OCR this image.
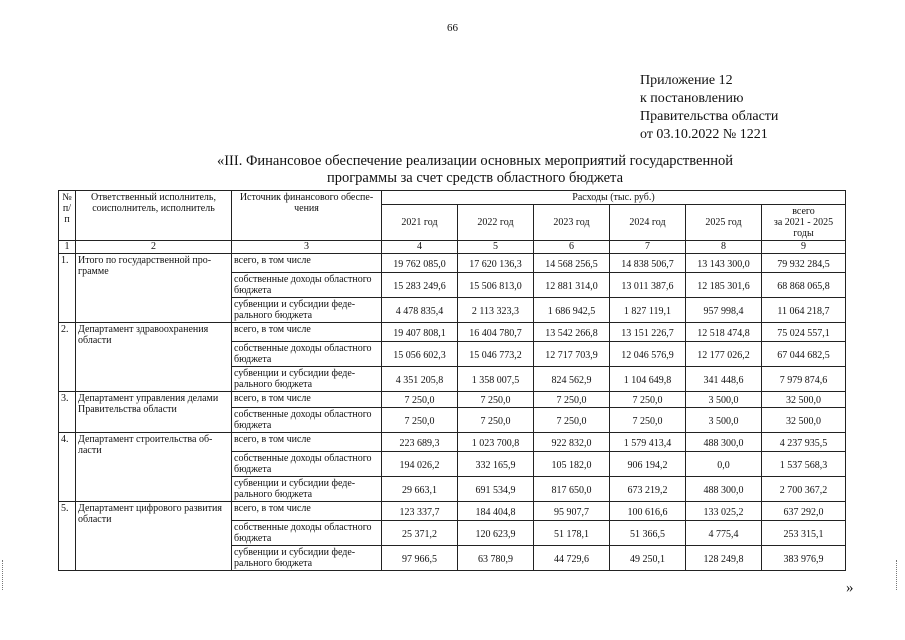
66
Приложение 12
к постановлению
Правительства области
от 03.10.2022 № 1221
«III. Финансовое обеспечение реализации основных мероприятий государственной
программы за счет средств областного бюджета
№ п/п	Ответственный исполнитель, соисполнитель, исполнитель	Источник финансового обеспе- чения	Расходы (тыс. руб.)					
			2021 год	2022 год	2023 год	2024 год	2025 год	всего
за 2021 - 2025 годы

1	2	3	4	5	6	7	8	9
1.	Итого по государственной про- грамме	всего, в том числе	19 762 085,0	17 620 136,3	14 568 256,5	14 838 506,7	13 143 300,0	79 932 284,5
		собственные доходы областного бюджета	15 283 249,6	15 506 813,0	12 881 314,0	13 011 387,6	12 185 301,6	68 868 065,8
		субвенции и субсидии феде- рального бюджета	4 478 835,4	2 113 323,3	1 686 942,5	1 827 119,1	957 998,4	11 064 218,7
2.	Департамент здравоохранения области	всего, в том числе	19 407 808,1	16 404 780,7	13 542 266,8	13 151 226,7	12 518 474,8	75 024 557,1
		собственные доходы областного бюджета	15 056 602,3	15 046 773,2	12 717 703,9	12 046 576,9	12 177 026,2	67 044 682,5
		субвенции и субсидии феде- рального бюджета	4 351 205,8	1 358 007,5	824 562,9	1 104 649,8	341 448,6	7 979 874,6
3.	Департамент управления делами Правительства области	всего, в том числе	7 250,0	7 250,0	7 250,0	7 250,0	3 500,0	32 500,0
		собственные доходы областного бюджета	7 250,0	7 250,0	7 250,0	7 250,0	3 500,0	32 500,0
4.	Департамент строительства об- ласти	всего, в том числе	223 689,3	1 023 700,8	922 832,0	1 579 413,4	488 300,0	4 237 935,5
		собственные доходы областного бюджета	194 026,2	332 165,9	105 182,0	906 194,2	0,0	1 537 568,3
		субвенции и субсидии феде- рального бюджета	29 663,1	691 534,9	817 650,0	673 219,2	488 300,0	2 700 367,2
5.	Департамент цифрового развития области	всего, в том числе	123 337,7	184 404,8	95 907,7	100 616,6	133 025,2	637 292,0
		собственные доходы областного бюджета	25 371,2	120 623,9	51 178,1	51 366,5	4 775,4	253 315,1
		субвенции и субсидии феде- рального бюджета	97 966,5	63 780,9	44 729,6	49 250,1	128 249,8	383 976,9
»
